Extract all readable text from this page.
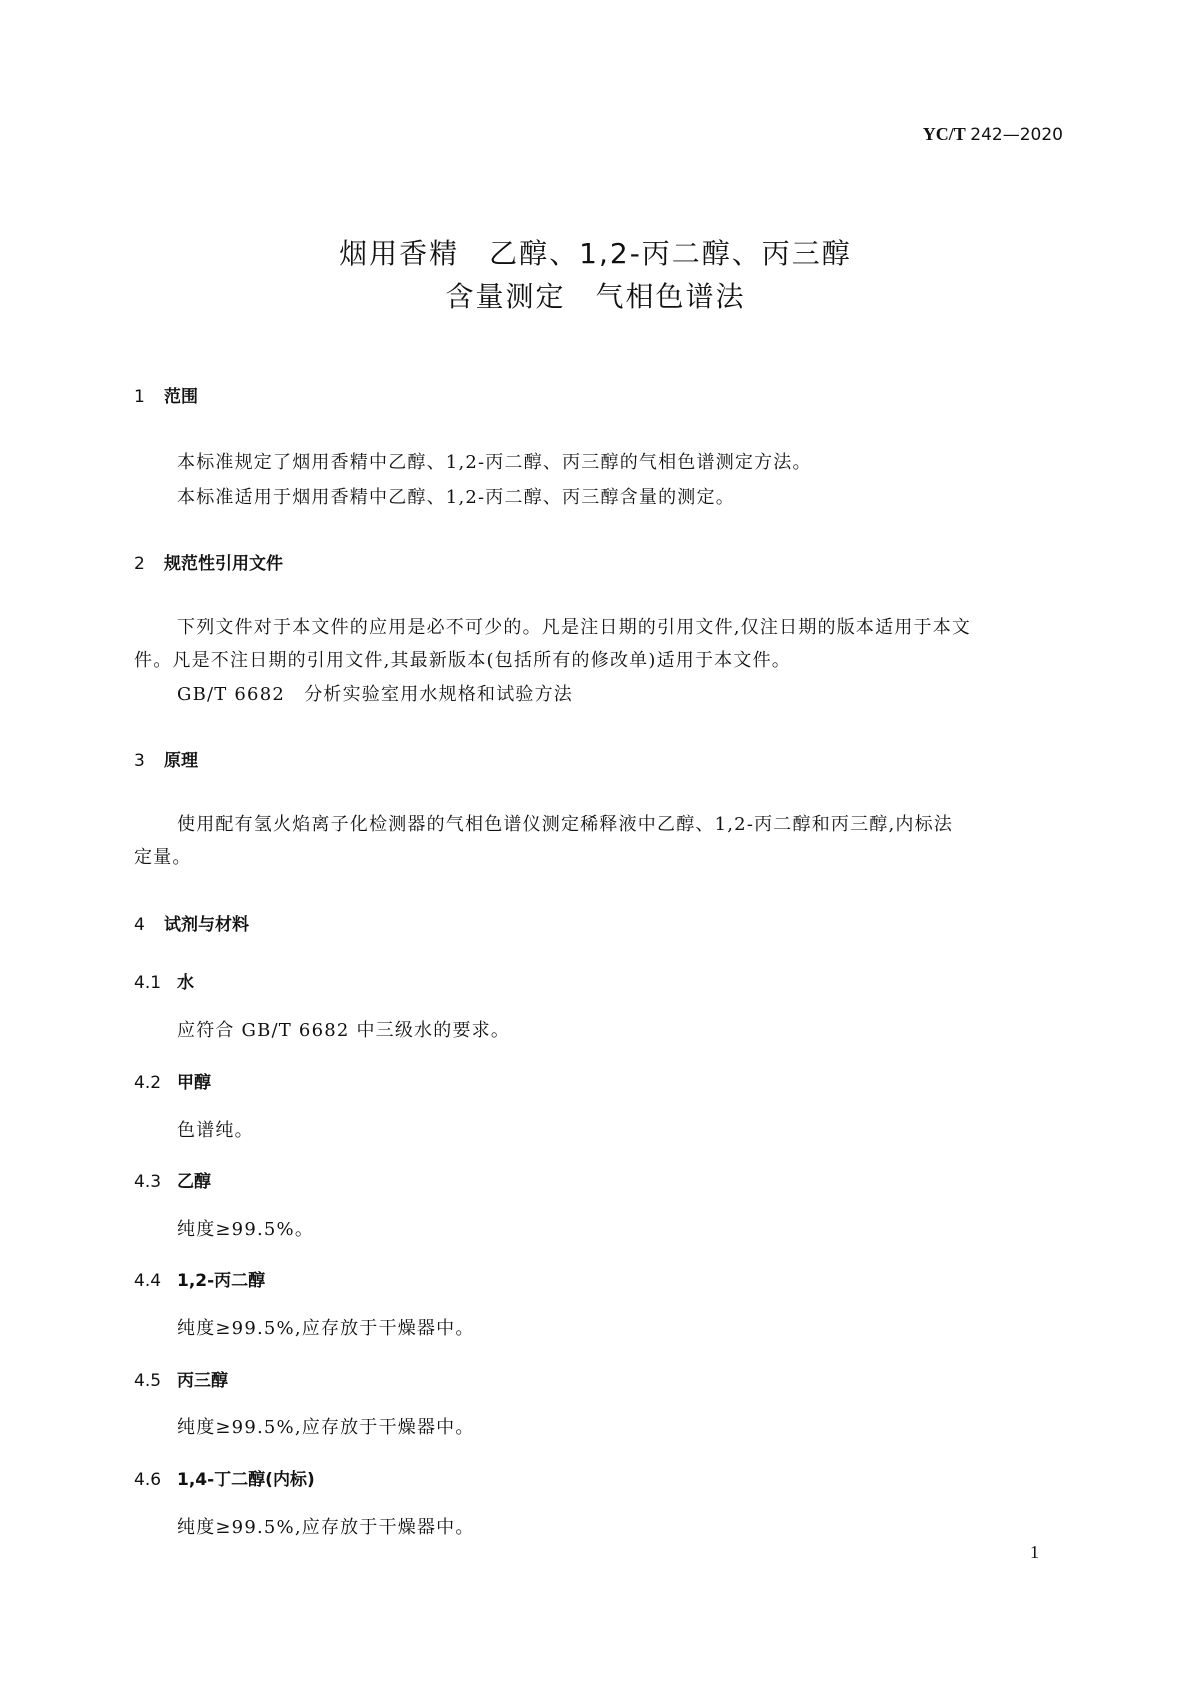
YC/T 242—2020
烟用香精　乙醇、1,2-丙二醇、丙三醇
含量测定　气相色谱法
1 范围
本标准规定了烟用香精中乙醇、1,2-丙二醇、丙三醇的气相色谱测定方法。
本标准适用于烟用香精中乙醇、1,2-丙二醇、丙三醇含量的测定。
2 规范性引用文件
下列文件对于本文件的应用是必不可少的。凡是注日期的引用文件,仅注日期的版本适用于本文
件。凡是不注日期的引用文件,其最新版本(包括所有的修改单)适用于本文件。
GB/T 6682　分析实验室用水规格和试验方法
3 原理
使用配有氢火焰离子化检测器的气相色谱仪测定稀释液中乙醇、1,2-丙二醇和丙三醇,内标法
定量。
4 试剂与材料
4.1 水
应符合 GB/T 6682 中三级水的要求。
4.2 甲醇
色谱纯。
4.3 乙醇
纯度≥99.5%。
4.4 1,2-丙二醇
纯度≥99.5%,应存放于干燥器中。
4.5 丙三醇
纯度≥99.5%,应存放于干燥器中。
4.6 1,4-丁二醇(内标)
纯度≥99.5%,应存放于干燥器中。
1
